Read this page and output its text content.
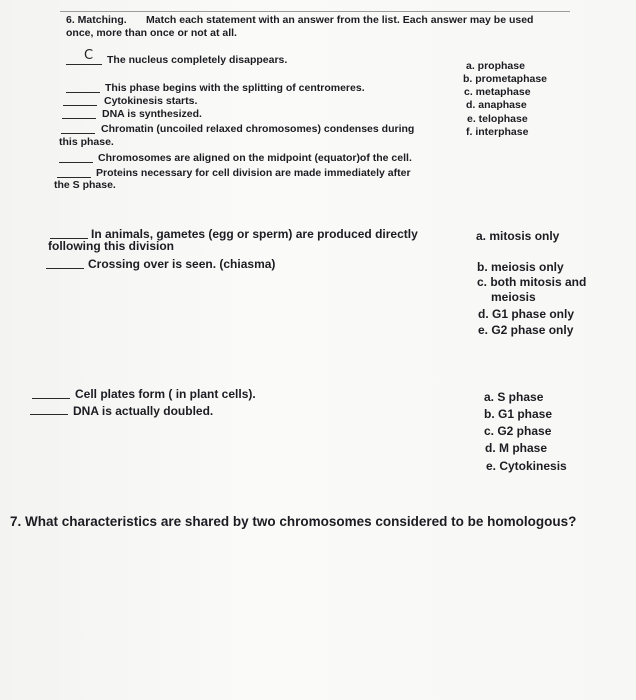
6. Matching. Match each statement with an answer from the list. Each answer may be used
once, more than once or not at all.
C The nucleus completely disappears.
This phase begins with the splitting of centromeres.
Cytokinesis starts.
DNA is synthesized.
Chromatin (uncoiled relaxed chromosomes) condenses during
this phase.
Chromosomes are aligned on the midpoint (equator)of the cell.
Proteins necessary for cell division are made immediately after
the S phase.
a. prophase
b. prometaphase
c. metaphase
d. anaphase
e. telophase
f. interphase
In animals, gametes (egg or sperm) are produced directly
following this division
Crossing over is seen. (chiasma)
a. mitosis only
b. meiosis only
c. both mitosis and
meiosis
d. G1 phase only
e. G2 phase only
Cell plates form ( in plant cells).
DNA is actually doubled.
a. S phase
b. G1 phase
c. G2 phase
d. M phase
e. Cytokinesis
7. What characteristics are shared by two chromosomes considered to be homologous?
